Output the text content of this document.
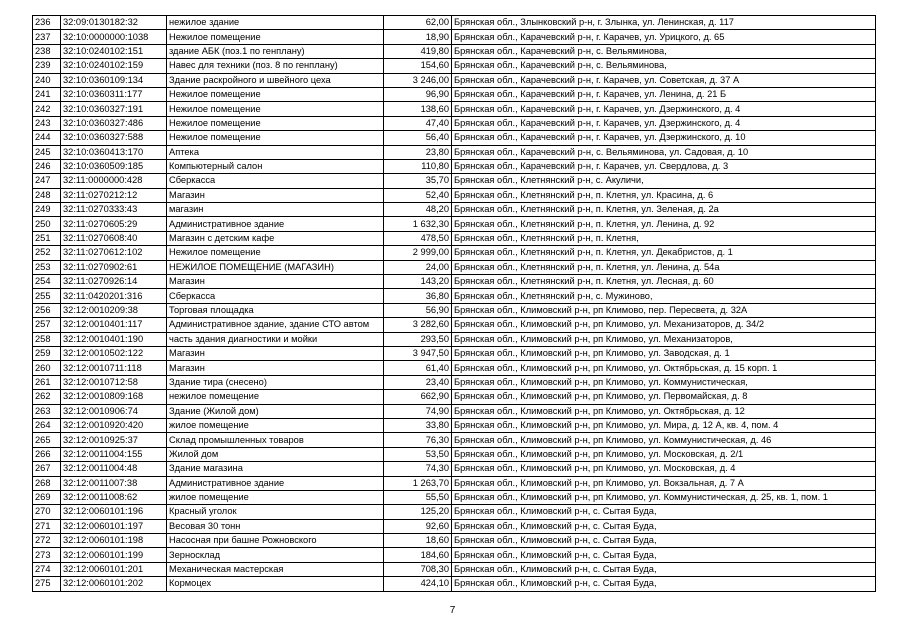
236	32:09:0130182:32	нежилое здание	62,00	Брянская обл., Злынковский р-н, г. Злынка, ул. Ленинская, д. 117
237	32:10:0000000:1038	Нежилое помещение	18,90	Брянская обл., Карачевский р-н, г. Карачев, ул. Урицкого, д. 65
238	32:10:0240102:151	здание АБК (поз.1 по генплану)	419,80	Брянская обл., Карачевский р-н, с. Вельяминова,
239	32:10:0240102:159	Навес для техники (поз. 8 по генплану)	154,60	Брянская обл., Карачевский р-н, с. Вельяминова,
240	32:10:0360109:134	Здание раскройного и швейного цеха	3 246,00	Брянская обл., Карачевский р-н, г. Карачев, ул. Советская, д. 37 А
241	32:10:0360311:177	Нежилое помещение	96,90	Брянская обл., Карачевский р-н, г. Карачев, ул. Ленина, д. 21 Б
242	32:10:0360327:191	Нежилое помещение	138,60	Брянская обл., Карачевский р-н, г. Карачев, ул. Дзержинского, д. 4
243	32:10:0360327:486	Нежилое помещение	47,40	Брянская обл., Карачевский р-н, г. Карачев, ул. Дзержинского, д. 4
244	32:10:0360327:588	Нежилое помещение	56,40	Брянская обл., Карачевский р-н, г. Карачев, ул. Дзержинского, д. 10
245	32:10:0360413:170	Аптека	23,80	Брянская обл., Карачевский р-н, с. Вельяминова, ул. Садовая, д. 10
246	32:10:0360509:185	Компьютерный салон	110,80	Брянская обл., Карачевский р-н, г. Карачев, ул. Свердлова, д. 3
247	32:11:0000000:428	Сберкасса	35,70	Брянская обл., Клетнянский р-н, с. Акуличи,
248	32:11:0270212:12	Магазин	52,40	Брянская обл., Клетнянский р-н, п. Клетня, ул. Красина, д. 6
249	32:11:0270333:43	магазин	48,20	Брянская обл., Клетнянский р-н, п. Клетня, ул. Зеленая, д. 2а
250	32:11:0270605:29	Административное здание	1 632,30	Брянская обл., Клетнянский р-н, п. Клетня, ул. Ленина, д. 92
251	32:11:0270608:40	Магазин с детским кафе	478,50	Брянская обл., Клетнянский р-н, п. Клетня,
252	32:11:0270612:102	Нежилое помещение	2 999,00	Брянская обл., Клетнянский р-н, п. Клетня, ул. Декабристов, д. 1
253	32:11:0270902:61	НЕЖИЛОЕ ПОМЕЩЕНИЕ (МАГАЗИН)	24,00	Брянская обл., Клетнянский р-н, п. Клетня, ул. Ленина, д. 54а
254	32:11:0270926:14	Магазин	143,20	Брянская обл., Клетнянский р-н, п. Клетня, ул. Лесная, д. 60
255	32:11:0420201:316	Сберкасса	36,80	Брянская обл., Клетнянский р-н, с. Мужиново,
256	32:12:0010209:38	Торговая площадка	56,90	Брянская обл., Климовский р-н, рп Климово, пер. Пересвета, д. 32А
257	32:12:0010401:117	Административное здание, здание СТО автом	3 282,60	Брянская обл., Климовский р-н, рп Климово, ул. Механизаторов, д. 34/2
258	32:12:0010401:190	часть здания диагностики и мойки	293,50	Брянская обл., Климовский р-н, рп Климово, ул. Механизаторов,
259	32:12:0010502:122	Магазин	3 947,50	Брянская обл., Климовский р-н, рп Климово, ул. Заводская, д. 1
260	32:12:0010711:118	Магазин	61,40	Брянская обл., Климовский р-н, рп Климово, ул. Октябрьская, д. 15 корп. 1
261	32:12:0010712:58	Здание тира (снесено)	23,40	Брянская обл., Климовский р-н, рп Климово, ул. Коммунистическая,
262	32:12:0010809:168	нежилое помещение	662,90	Брянская обл., Климовский р-н, рп Климово, ул. Первомайская, д. 8
263	32:12:0010906:74	Здание (Жилой дом)	74,90	Брянская обл., Климовский р-н, рп Климово, ул. Октябрьская, д. 12
264	32:12:0010920:420	жилое помещение	33,80	Брянская обл., Климовский р-н, рп Климово, ул. Мира, д. 12 А, кв. 4, пом. 4
265	32:12:0010925:37	Склад промышленных товаров	76,30	Брянская обл., Климовский р-н, рп Климово, ул. Коммунистическая, д. 46
266	32:12:0011004:155	Жилой дом	53,50	Брянская обл., Климовский р-н, рп Климово, ул. Московская, д. 2/1
267	32:12:0011004:48	Здание магазина	74,30	Брянская обл., Климовский р-н, рп Климово, ул. Московская, д. 4
268	32:12:0011007:38	Административное здание	1 263,70	Брянская обл., Климовский р-н, рп Климово, ул. Вокзальная, д. 7 А
269	32:12:0011008:62	жилое помещение	55,50	Брянская обл., Климовский р-н, рп Климово, ул. Коммунистическая, д. 25, кв. 1, пом. 1
270	32:12:0060101:196	Красный уголок	125,20	Брянская обл., Климовский р-н, с. Сытая Буда,
271	32:12:0060101:197	Весовая 30 тонн	92,60	Брянская обл., Климовский р-н, с. Сытая Буда,
272	32:12:0060101:198	Насосная при башне Рожновского	18,60	Брянская обл., Климовский р-н, с. Сытая Буда,
273	32:12:0060101:199	Зерносклад	184,60	Брянская обл., Климовский р-н, с. Сытая Буда,
274	32:12:0060101:201	Механическая мастерская	708,30	Брянская обл., Климовский р-н, с. Сытая Буда,
275	32:12:0060101:202	Кормоцех	424,10	Брянская обл., Климовский р-н, с. Сытая Буда,
7
